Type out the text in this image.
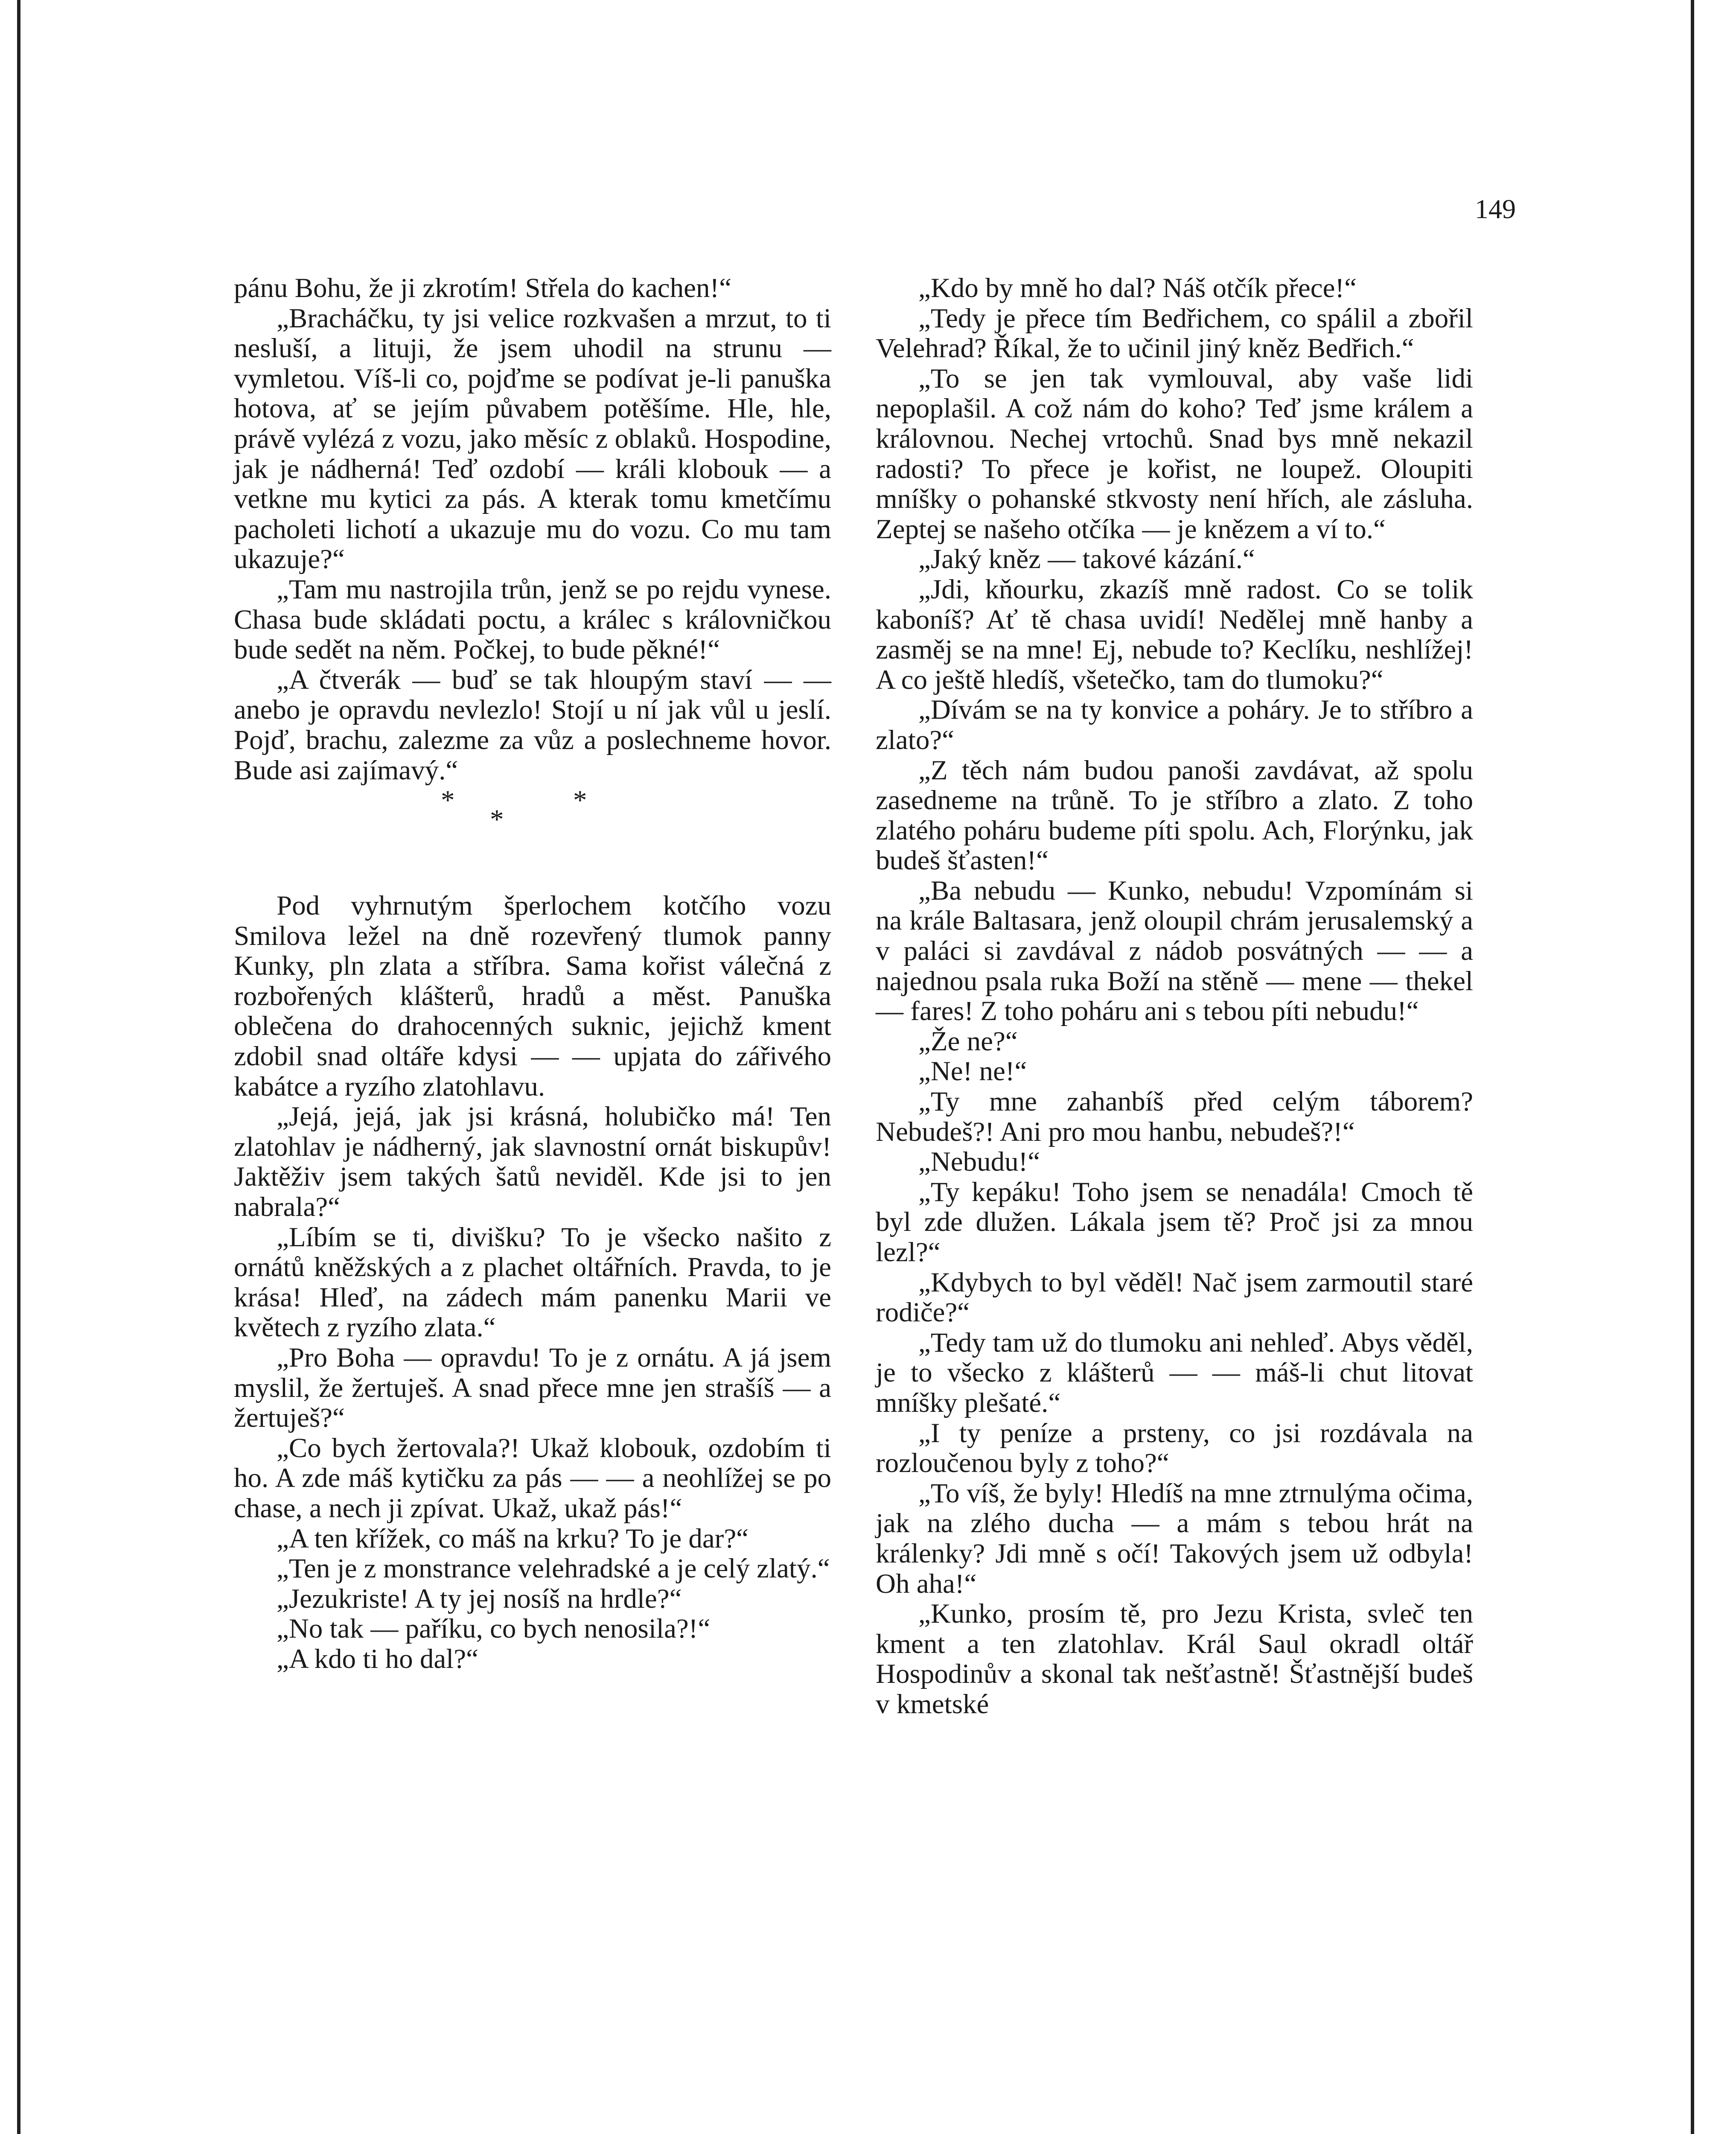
149

pánu Bohu, že ji zkrotím! Střela do kachen!“

„Bracháčku, ty jsi velice rozkvašen a mrzut, to ti nesluší, a lituji, že jsem uhodil na strunu — vymletou. Víš-li co, pojďme se podívat je-li panuška hotova, ať se jejím půvabem potěšíme. Hle, hle, právě vylézá z vozu, jako měsíc z oblaků. Hospodine, jak je nádherná! Teď ozdobí — králi klobouk — a vetkne mu kytici za pás. A kterak tomu kmetčímu pacholeti lichotí a ukazuje mu do vozu. Co mu tam ukazuje?“

„Tam mu nastrojila trůn, jenž se po rejdu vynese. Chasa bude skládati poctu, a králec s královničkou bude sedět na něm. Počkej, to bude pěkné!“

„A čtverák — buď se tak hloupým staví — — anebo je opravdu nevlezlo! Stojí u ní jak vůl u jeslí. Pojď, brachu, zalezme za vůz a poslechneme hovor. Bude asi zajímavý.“

*
*
*

Pod vyhrnutým šperlochem kotčího vozu Smilova ležel na dně rozevřený tlumok panny Kunky, pln zlata a stříbra. Sama kořist válečná z rozbořených klášterů, hradů a měst. Panuška oblečena do drahocenných suknic, jejichž kment zdobil snad oltáře kdysi — — upjata do zářivého kabátce a ryzího zlatohlavu.

„Jejá, jejá, jak jsi krásná, holubičko má! Ten zlatohlav je nádherný, jak slavnostní ornát biskupův! Jaktěživ jsem takých šatů neviděl. Kde jsi to jen nabrala?“

„Líbím se ti, divišku? To je všecko našito z ornátů kněžských a z plachet oltářních. Pravda, to je krása! Hleď, na zádech mám panenku Marii ve květech z ryzího zlata.“

„Pro Boha — opravdu! To je z ornátu. A já jsem myslil, že žertuješ. A snad přece mne jen strašíš — a žertuješ?“

„Co bych žertovala?! Ukaž klobouk, ozdobím ti ho. A zde máš kytičku za pás — — a neohlížej se po chase, a nech ji zpívat. Ukaž, ukaž pás!“

„A ten křížek, co máš na krku? To je dar?“

„Ten je z monstrance velehradské a je celý zlatý.“

„Jezukriste! A ty jej nosíš na hrdle?“

„No tak — paříku, co bych nenosila?!“

„A kdo ti ho dal?“

„Kdo by mně ho dal? Náš otčík přece!“

„Tedy je přece tím Bedřichem, co spálil a zbořil Velehrad? Říkal, že to učinil jiný kněz Bedřich.“

„To se jen tak vymlouval, aby vaše lidi nepoplašil. A což nám do koho? Teď jsme králem a královnou. Nechej vrtochů. Snad bys mně nekazil radosti? To přece je kořist, ne loupež. Oloupiti mníšky o pohanské stkvosty není hřích, ale zásluha. Zeptej se našeho otčíka — je knězem a ví to.“

„Jaký kněz — takové kázání.“

„Jdi, kňourku, zkazíš mně radost. Co se tolik kaboníš? Ať tě chasa uvidí! Nedělej mně hanby a zasměj se na mne! Ej, nebude to? Keclíku, neshlížej! A co ještě hledíš, všetečko, tam do tlumoku?“

„Dívám se na ty konvice a poháry. Je to stříbro a zlato?“

„Z těch nám budou panoši zavdávat, až spolu zasedneme na trůně. To je stříbro a zlato. Z toho zlatého poháru budeme píti spolu. Ach, Florýnku, jak budeš šťasten!“

„Ba nebudu — Kunko, nebudu! Vzpomínám si na krále Baltasara, jenž oloupil chrám jerusalemský a v paláci si zavdával z nádob posvátných — — a najednou psala ruka Boží na stěně — mene — thekel — fares! Z toho poháru ani s tebou píti nebudu!“

„Že ne?“

„Ne! ne!“

„Ty mne zahanbíš před celým táborem? Nebudeš?! Ani pro mou hanbu, nebudeš?!“

„Nebudu!“

„Ty kepáku! Toho jsem se nenadála! Cmoch tě byl zde dlužen. Lákala jsem tě? Proč jsi za mnou lezl?“

„Kdybych to byl věděl! Nač jsem zarmoutil staré rodiče?“

„Tedy tam už do tlumoku ani nehleď. Abys věděl, je to všecko z klášterů — — máš-li chut litovat mníšky plešaté.“

„I ty peníze a prsteny, co jsi rozdávala na rozloučenou byly z toho?“

„To víš, že byly! Hledíš na mne ztrnulýma očima, jak na zlého ducha — a mám s tebou hrát na králenky? Jdi mně s očí! Takových jsem už odbyla! Oh aha!“

„Kunko, prosím tě, pro Jezu Krista, svleč ten kment a ten zlatohlav. Král Saul okradl oltář Hospodinův a skonal tak nešťastně! Šťastnější budeš v kmetské
